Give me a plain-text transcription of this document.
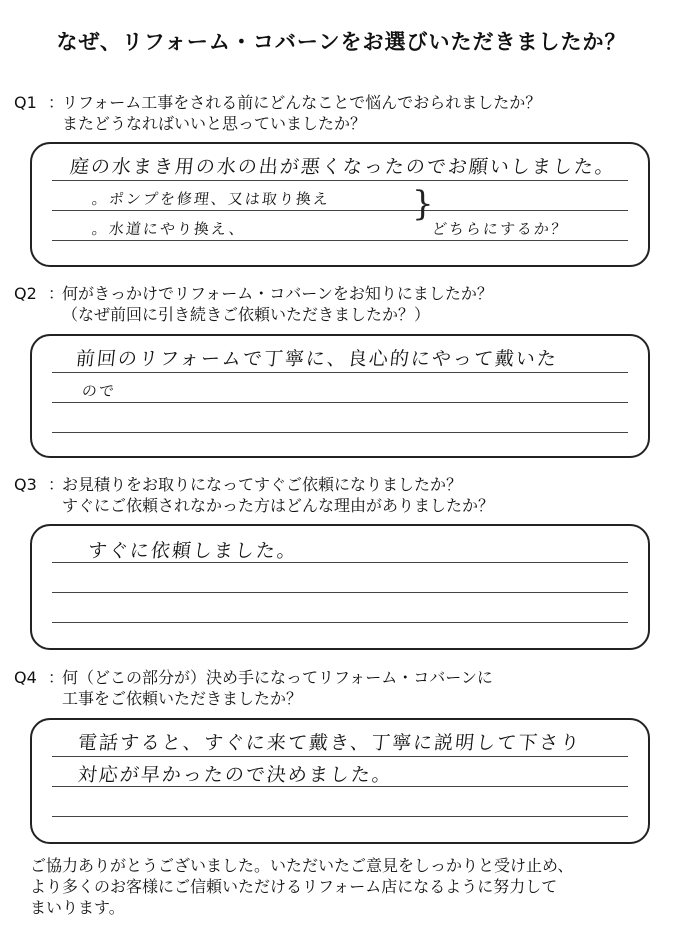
なぜ、リフォーム・コバーンをお選びいただきましたか？
Q1 ：リフォーム工事をされる前にどんなことで悩んでおられましたか？
またどうなればいいと思っていましたか？
庭の水まき用の水の出が悪くなったのでお願いしました。
。ポンプを修理、又は取り換え
。水道にやり換え、
}
どちらにするか？
Q2 ：何がきっかけでリフォーム・コバーンをお知りにましたか？
（なぜ前回に引き続きご依頼いただきましたか？）
前回のリフォームで丁寧に、良心的にやって戴いた
ので
Q3 ：お見積りをお取りになってすぐご依頼になりましたか？
すぐにご依頼されなかった方はどんな理由がありましたか？
すぐに依頼しました。
Q4 ：何（どこの部分が）決め手になってリフォーム・コバーンに
工事をご依頼いただきましたか？
電話すると、すぐに来て戴き、丁寧に説明して下さり
対応が早かったので決めました。
ご協力ありがとうございました。いただいたご意見をしっかりと受け止め、
より多くのお客様にご信頼いただけるリフォーム店になるように努力して
まいります。
